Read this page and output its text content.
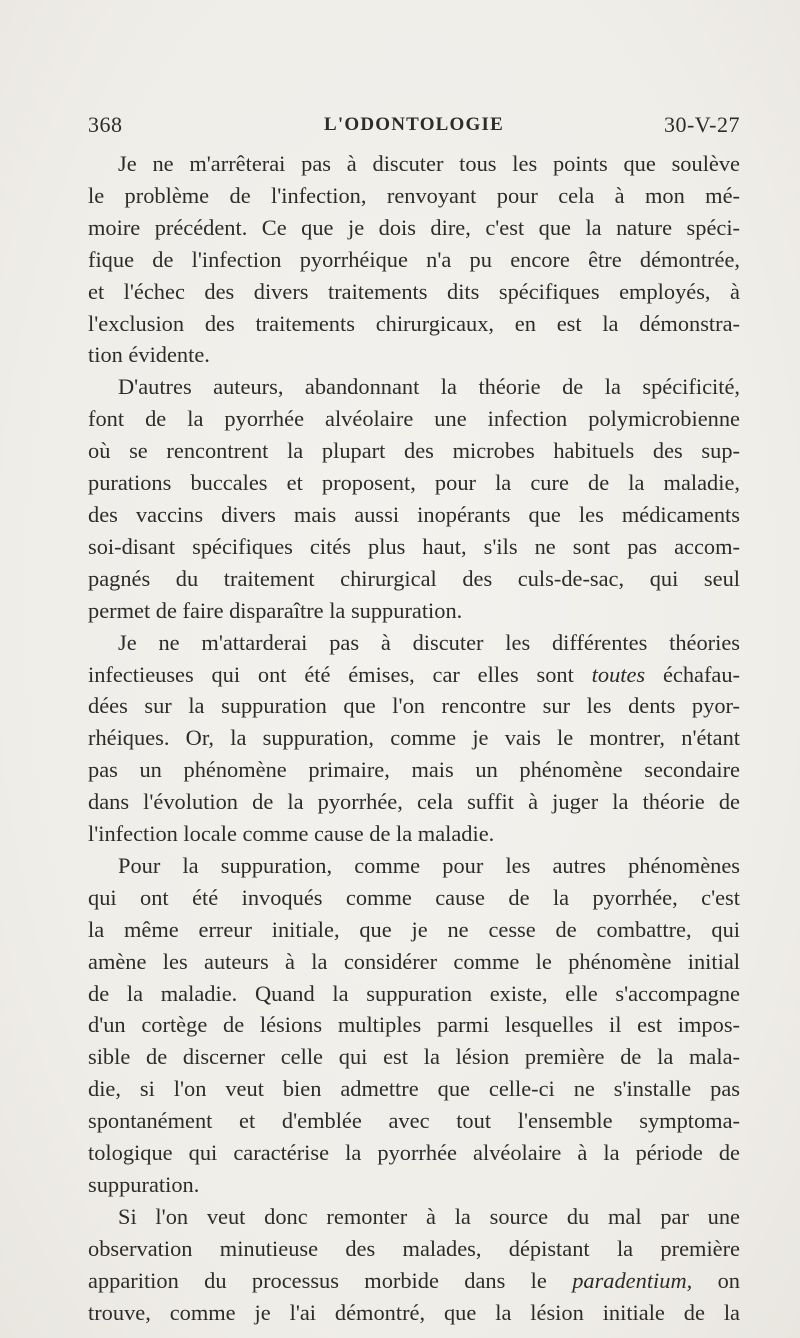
368	L'ODONTOLOGIE	30-V-27

Je ne m'arrêterai pas à discuter tous les points que soulève
le problème de l'infection, renvoyant pour cela à mon mé-
moire précédent. Ce que je dois dire, c'est que la nature spéci-
fique de l'infection pyorrhéique n'a pu encore être démontrée,
et l'échec des divers traitements dits spécifiques employés, à
l'exclusion des traitements chirurgicaux, en est la démonstra-
tion évidente.

D'autres auteurs, abandonnant la théorie de la spécificité,
font de la pyorrhée alvéolaire une infection polymicrobienne
où se rencontrent la plupart des microbes habituels des sup-
purations buccales et proposent, pour la cure de la maladie,
des vaccins divers mais aussi inopérants que les médicaments
soi-disant spécifiques cités plus haut, s'ils ne sont pas accom-
pagnés du traitement chirurgical des culs-de-sac, qui seul
permet de faire disparaître la suppuration.

Je ne m'attarderai pas à discuter les différentes théories
infectieuses qui ont été émises, car elles sont toutes échafau-
dées sur la suppuration que l'on rencontre sur les dents pyor-
rhéiques. Or, la suppuration, comme je vais le montrer, n'étant
pas un phénomène primaire, mais un phénomène secondaire
dans l'évolution de la pyorrhée, cela suffit à juger la théorie de
l'infection locale comme cause de la maladie.

Pour la suppuration, comme pour les autres phénomènes
qui ont été invoqués comme cause de la pyorrhée, c'est
la même erreur initiale, que je ne cesse de combattre, qui
amène les auteurs à la considérer comme le phénomène initial
de la maladie. Quand la suppuration existe, elle s'accompagne
d'un cortège de lésions multiples parmi lesquelles il est impos-
sible de discerner celle qui est la lésion première de la mala-
die, si l'on veut bien admettre que celle-ci ne s'installe pas
spontanément et d'emblée avec tout l'ensemble symptoma-
tologique qui caractérise la pyorrhée alvéolaire à la période de
suppuration.

Si l'on veut donc remonter à la source du mal par une
observation minutieuse des malades, dépistant la première
apparition du processus morbide dans le paradentium, on
trouve, comme je l'ai démontré, que la lésion initiale de la
